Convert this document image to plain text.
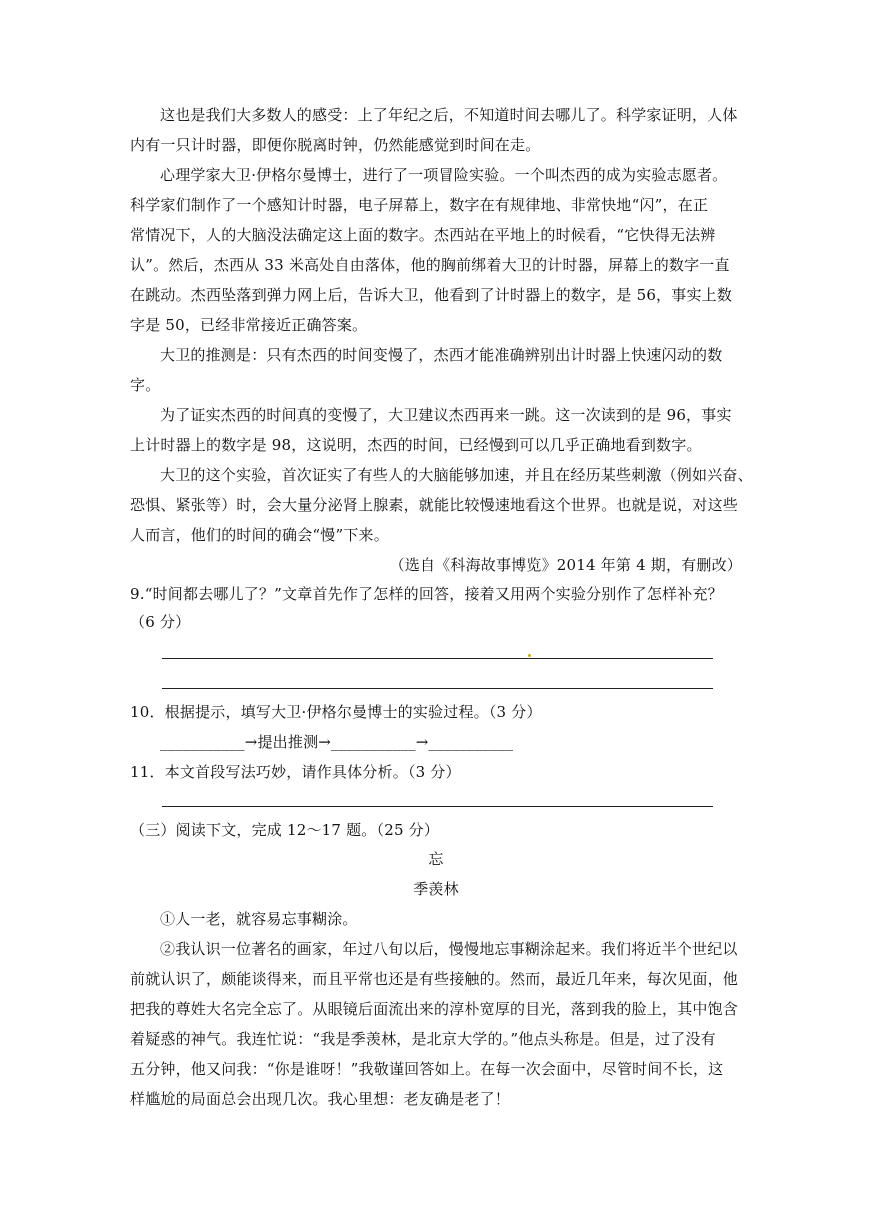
这也是我们大多数人的感受：上了年纪之后，不知道时间去哪儿了。科学家证明，人体
内有一只计时器，即便你脱离时钟，仍然能感觉到时间在走。
心理学家大卫·伊格尔曼博士，进行了一项冒险实验。一个叫杰西的成为实验志愿者。
科学家们制作了一个感知计时器，电子屏幕上，数字在有规律地、非常快地“闪”，在正
常情况下，人的大脑没法确定这上面的数字。杰西站在平地上的时候看，“它快得无法辨
认”。然后，杰西从 33 米高处自由落体，他的胸前绑着大卫的计时器，屏幕上的数字一直
在跳动。杰西坠落到弹力网上后，告诉大卫，他看到了计时器上的数字，是 56，事实上数
字是 50，已经非常接近正确答案。
大卫的推测是：只有杰西的时间变慢了，杰西才能准确辨别出计时器上快速闪动的数
字。
为了证实杰西的时间真的变慢了，大卫建议杰西再来一跳。这一次读到的是 96，事实
上计时器上的数字是 98，这说明，杰西的时间，已经慢到可以几乎正确地看到数字。
大卫的这个实验，首次证实了有些人的大脑能够加速，并且在经历某些刺激（例如兴奋、
恐惧、紧张等）时，会大量分泌肾上腺素，就能比较慢速地看这个世界。也就是说，对这些
人而言，他们的时间的确会“慢”下来。
（选自《科海故事博览》2014 年第 4 期，有删改）
9.“时间都去哪儿了？”文章首先作了怎样的回答，接着又用两个实验分别作了怎样补充？
（6 分）
10．根据提示，填写大卫·伊格尔曼博士的实验过程。（3 分）
___________→提出推测→___________→___________
11．本文首段写法巧妙，请作具体分析。（3 分）
（三）阅读下文，完成 12～17 题。（25 分）
忘
季羡林
①人一老，就容易忘事糊涂。
②我认识一位著名的画家，年过八旬以后，慢慢地忘事糊涂起来。我们将近半个世纪以
前就认识了，颇能谈得来，而且平常也还是有些接触的。然而，最近几年来，每次见面，他
把我的尊姓大名完全忘了。从眼镜后面流出来的淳朴宽厚的目光，落到我的脸上，其中饱含
着疑惑的神气。我连忙说：“我是季羡林，是北京大学的。”他点头称是。但是，过了没有
五分钟，他又问我：“你是谁呀！”我敬谨回答如上。在每一次会面中，尽管时间不长，这
样尴尬的局面总会出现几次。我心里想：老友确是老了！
